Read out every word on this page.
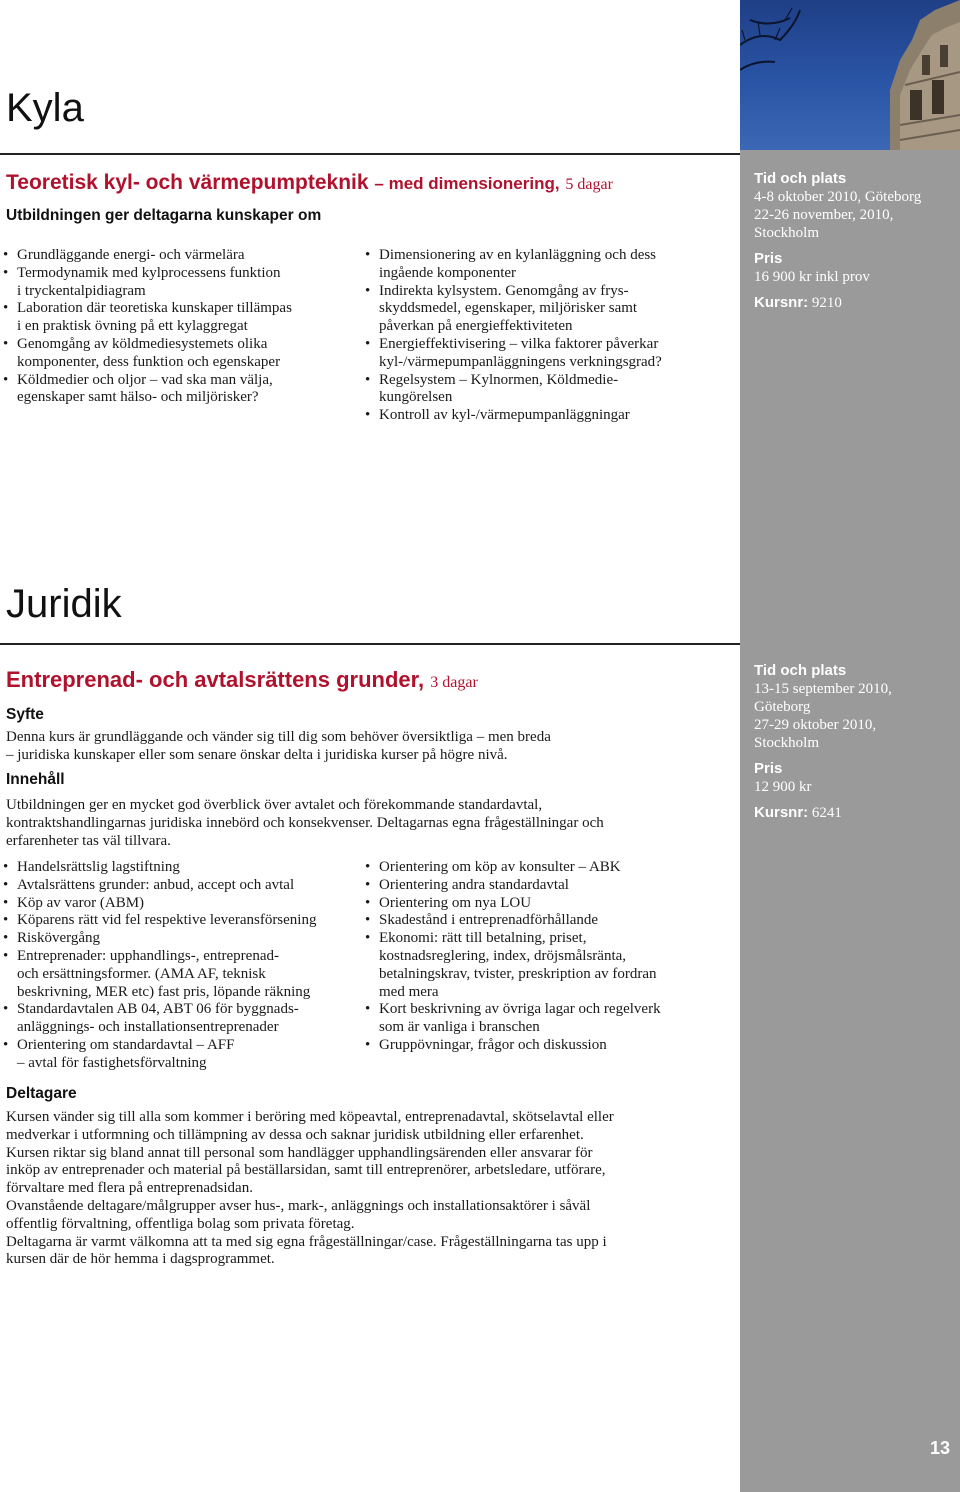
Kyla
Teoretisk kyl- och värmepumpteknik – med dimensionering, 5 dagar
Utbildningen ger deltagarna kunskaper om
• Grundläggande energi- och värmelära
• Termodynamik med kylprocessens funktion
i tryckentalpidiagram
• Laboration där teoretiska kunskaper tillämpas
i en praktisk övning på ett kylaggregat
• Genomgång av köldmediesystemets olika
komponenter, dess funktion och egenskaper
• Köldmedier och oljor – vad ska man välja,
egenskaper samt hälso- och miljörisker?
• Dimensionering av en kylanläggning och dess
ingående komponenter
• Indirekta kylsystem. Genomgång av frys-
skyddsmedel, egenskaper, miljörisker samt
påverkan på energieffektiviteten
• Energieffektivisering – vilka faktorer påverkar
kyl-/värmepumpanläggningens verkningsgrad?
• Regelsystem – Kylnormen, Köldmedie-
kungörelsen
• Kontroll av kyl-/värmepumpanläggningar
Tid och plats
4-8 oktober 2010, Göteborg
22-26 november, 2010,
Stockholm
Pris
16 900 kr inkl prov
Kursnr: 9210
Juridik
Entreprenad- och avtalsrättens grunder, 3 dagar
Syfte
Denna kurs är grundläggande och vänder sig till dig som behöver översiktliga – men breda
– juridiska kunskaper eller som senare önskar delta i juridiska kurser på högre nivå.
Innehåll
Utbildningen ger en mycket god överblick över avtalet och förekommande standardavtal,
kontraktshandlingarnas juridiska innebörd och konsekvenser. Deltagarnas egna frågeställningar och
erfarenheter tas väl tillvara.
• Handelsrättslig lagstiftning
• Avtalsrättens grunder: anbud, accept och avtal
• Köp av varor (ABM)
• Köparens rätt vid fel respektive leveransförsening
• Riskövergång
• Entreprenader: upphandlings-, entreprenad-
och ersättningsformer. (AMA AF, teknisk
beskrivning, MER etc) fast pris, löpande räkning
• Standardavtalen AB 04, ABT 06 för byggnads-
anläggnings- och installationsentreprenader
• Orientering om standardavtal – AFF
– avtal för fastighetsförvaltning
• Orientering om köp av konsulter – ABK
• Orientering andra standardavtal
• Orientering om nya LOU
• Skadestånd i entreprenadförhållande
• Ekonomi: rätt till betalning, priset,
kostnadsreglering, index, dröjsmålsränta,
betalningskrav, tvister, preskription av fordran
med mera
• Kort beskrivning av övriga lagar och regelverk
som är vanliga i branschen
• Gruppövningar, frågor och diskussion
Deltagare
Kursen vänder sig till alla som kommer i beröring med köpeavtal, entreprenadavtal, skötselavtal eller
medverkar i utformning och tillämpning av dessa och saknar juridisk utbildning eller erfarenhet.
Kursen riktar sig bland annat till personal som handlägger upphandlingsärenden eller ansvarar för
inköp av entreprenader och material på beställarsidan, samt till entreprenörer, arbetsledare, utförare,
förvaltare med flera på entreprenadsidan.
Ovanstående deltagare/målgrupper avser hus-, mark-, anläggnings och installationsaktörer i såväl
offentlig förvaltning, offentliga bolag som privata företag.
Deltagarna är varmt välkomna att ta med sig egna frågeställningar/case. Frågeställningarna tas upp i
kursen där de hör hemma i dagsprogrammet.
Tid och plats
13-15 september 2010,
Göteborg
27-29 oktober 2010,
Stockholm
Pris
12 900 kr
Kursnr: 6241
13
